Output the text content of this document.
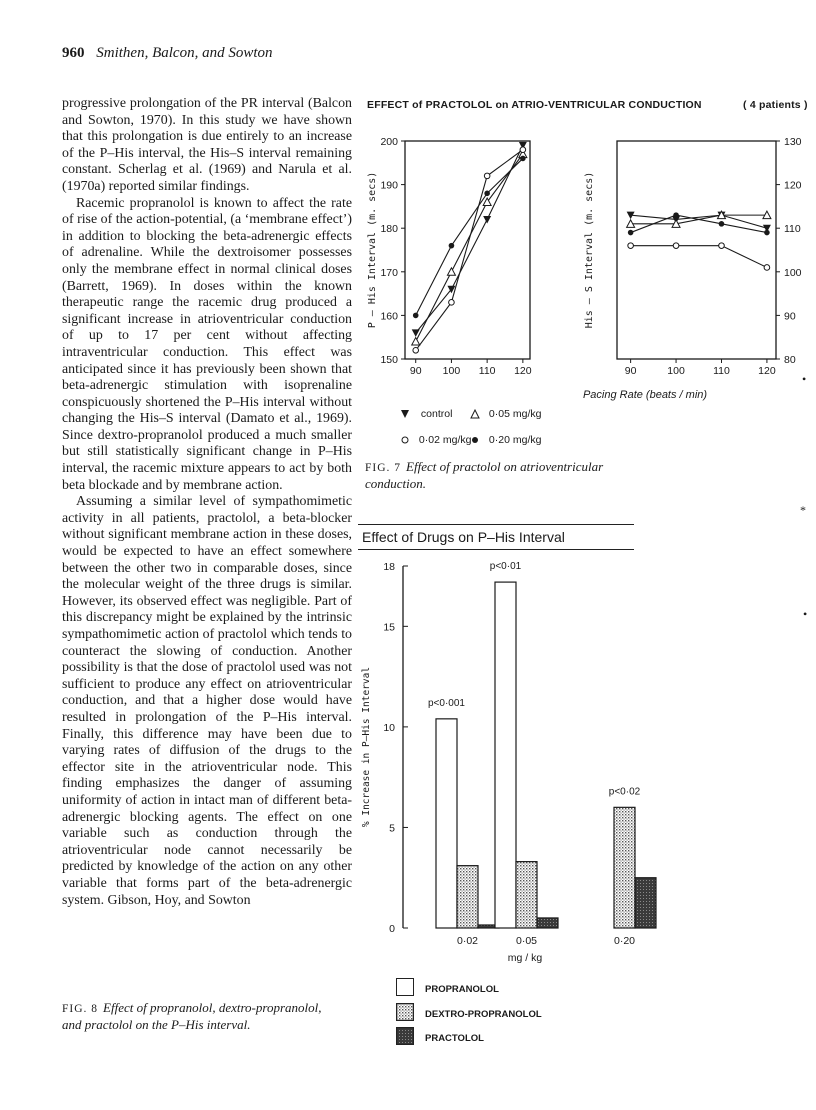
960 Smithen, Balcon, and Sowton

progressive prolongation of the PR interval (Balcon and Sowton, 1970). In this study we have shown that this prolongation is due entirely to an increase of the P–His interval, the His–S interval remaining constant. Scherlag et al. (1969) and Narula et al. (1970a) reported similar findings.

Racemic propranolol is known to affect the rate of rise of the action-potential, (a ‘membrane effect’) in addition to blocking the beta-adrenergic effects of adrenaline. While the dextroisomer possesses only the membrane effect in normal clinical doses (Barrett, 1969). In doses within the known therapeutic range the racemic drug produced a significant increase in atrioventricular conduction of up to 17 per cent without affecting intraventricular conduction. This effect was anticipated since it has previously been shown that beta-adrenergic stimulation with isoprenaline conspicuously shortened the P–His interval without changing the His–S interval (Damato et al., 1969). Since dextro-propranolol produced a much smaller but still statistically significant change in P–His interval, the racemic mixture appears to act by both beta blockade and by membrane action.

Assuming a similar level of sympathomimetic activity in all patients, practolol, a beta-blocker without significant membrane action in these doses, would be expected to have an effect somewhere between the other two in comparable doses, since the molecular weight of the three drugs is similar. However, its observed effect was negligible. Part of this discrepancy might be explained by the intrinsic sympathomimetic action of practolol which tends to counteract the slowing of conduction. Another possibility is that the dose of practolol used was not sufficient to produce any effect on atrioventricular conduction, and that a higher dose would have resulted in prolongation of the P–His interval. Finally, this difference may have been due to varying rates of diffusion of the drugs to the effector site in the atrioventricular node. This finding emphasizes the danger of assuming uniformity of action in intact man of different beta-adrenergic blocking agents. The effect on one variable such as conduction through the atrioventricular node cannot necessarily be predicted by knowledge of the action on any other variable that forms part of the beta-adrenergic system. Gibson, Hoy, and Sowton

EFFECT of PRACTOLOL on ATRIO-VENTRICULAR CONDUCTION	( 4 patients )
150
160
170
180
190
200
90 100 110 120
P – His Interval (m. secs)
80
90
100
110
120
130
90	100	110	120
His – S Interval (m. secs)
Pacing Rate (beats / min)
control	0·05 mg/kg
0·02 mg/kg	0·20 mg/kg
FIG. 7 Effect of practolol on atrioventricular conduction.
Effect of Drugs on P–His Interval
0
5
10
15
18
% Increase in P–His Interval	p<0·001
0·02
p<0·01
0·05
p<0·02
0·20
mg / kg
PROPRANOLOL
DEXTRO-PROPRANOLOL
PRACTOLOL
FIG. 8 Effect of propranolol, dextro-propranolol, and practolol on the P–His interval.
•
*
•
